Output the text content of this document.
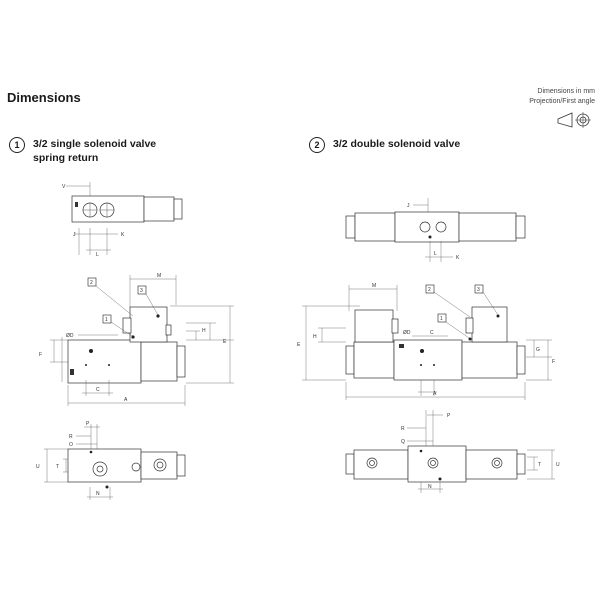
Dimensions	Dimensions in mm
Projection/First angle
1 3/2 single solenoid valve
spring return
2 3/2 double solenoid valve
V
J	K
L
M
H
E
F
ØD
C
A
2
3
1
P
R
O
U	T
N
J
L
K
M
E
H
G
F
ØD	C
A
2	3
1
P
R
Q
U
T
N
